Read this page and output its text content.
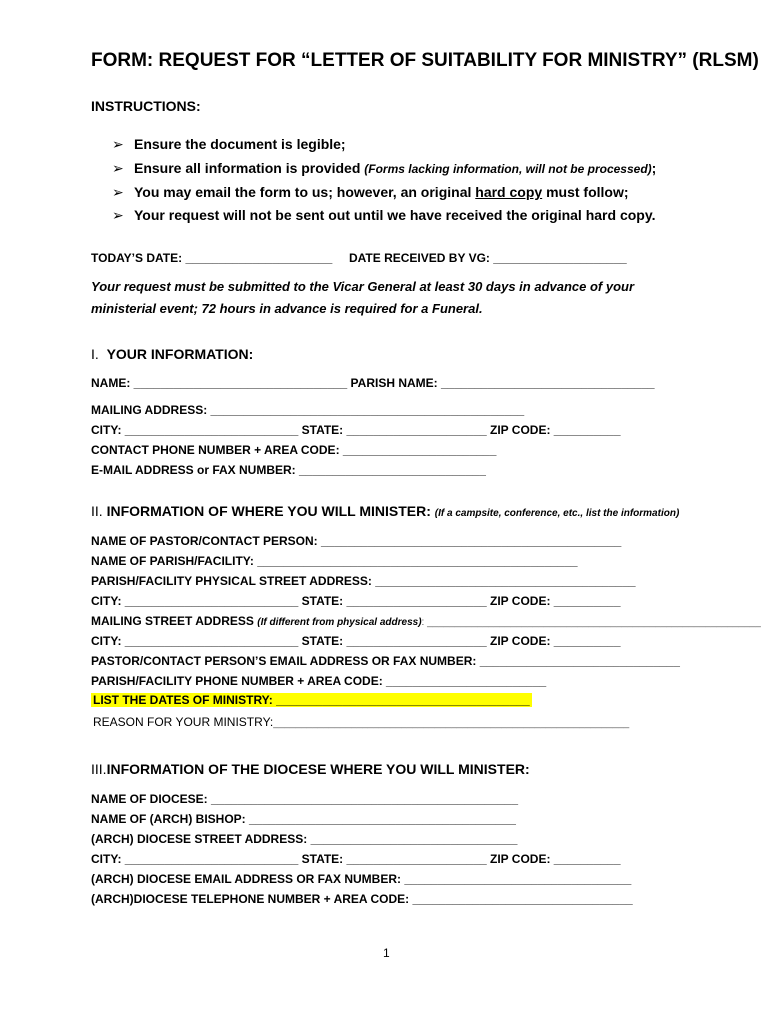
FORM: REQUEST FOR “LETTER OF SUITABILITY FOR MINISTRY” (RLSM)
INSTRUCTIONS:
➢ Ensure the document is legible;
➢ Ensure all information is provided (Forms lacking information, will not be processed);
➢ You may email the form to us; however, an original hard copy must follow;
➢ Your request will not be sent out until we have received the original hard copy.
TODAY’S DATE: ______________________ DATE RECEIVED BY VG: ____________________
Your request must be submitted to the Vicar General at least 30 days in advance of your
ministerial event; 72 hours in advance is required for a Funeral.
I. YOUR INFORMATION:
NAME: ________________________________ PARISH NAME: ________________________________
MAILING ADDRESS: _______________________________________________
CITY: __________________________ STATE: _____________________ ZIP CODE: __________
CONTACT PHONE NUMBER + AREA CODE: _______________________
E-MAIL ADDRESS or FAX NUMBER: ____________________________
II. INFORMATION OF WHERE YOU WILL MINISTER: (If a campsite, conference, etc., list the information)
NAME OF PASTOR/CONTACT PERSON: _____________________________________________
NAME OF PARISH/FACILITY: ________________________________________________
PARISH/FACILITY PHYSICAL STREET ADDRESS: _______________________________________
CITY: __________________________ STATE: _____________________ ZIP CODE: __________
MAILING STREET ADDRESS (If different from physical address): ____________________________________________________________
CITY: __________________________ STATE: _____________________ ZIP CODE: __________
PASTOR/CONTACT PERSON’S EMAIL ADDRESS OR FAX NUMBER: ______________________________
PARISH/FACILITY PHONE NUMBER + AREA CODE: ________________________
LIST THE DATES OF MINISTRY: ______________________________________
REASON FOR YOUR MINISTRY:________________________________________________________________
III.INFORMATION OF THE DIOCESE WHERE YOU WILL MINISTER:
NAME OF DIOCESE: ______________________________________________
NAME OF (ARCH) BISHOP: ________________________________________
(ARCH) DIOCESE STREET ADDRESS: _______________________________
CITY: __________________________ STATE: _____________________ ZIP CODE: __________
(ARCH) DIOCESE EMAIL ADDRESS OR FAX NUMBER: __________________________________
(ARCH)DIOCESE TELEPHONE NUMBER + AREA CODE: _________________________________
1
